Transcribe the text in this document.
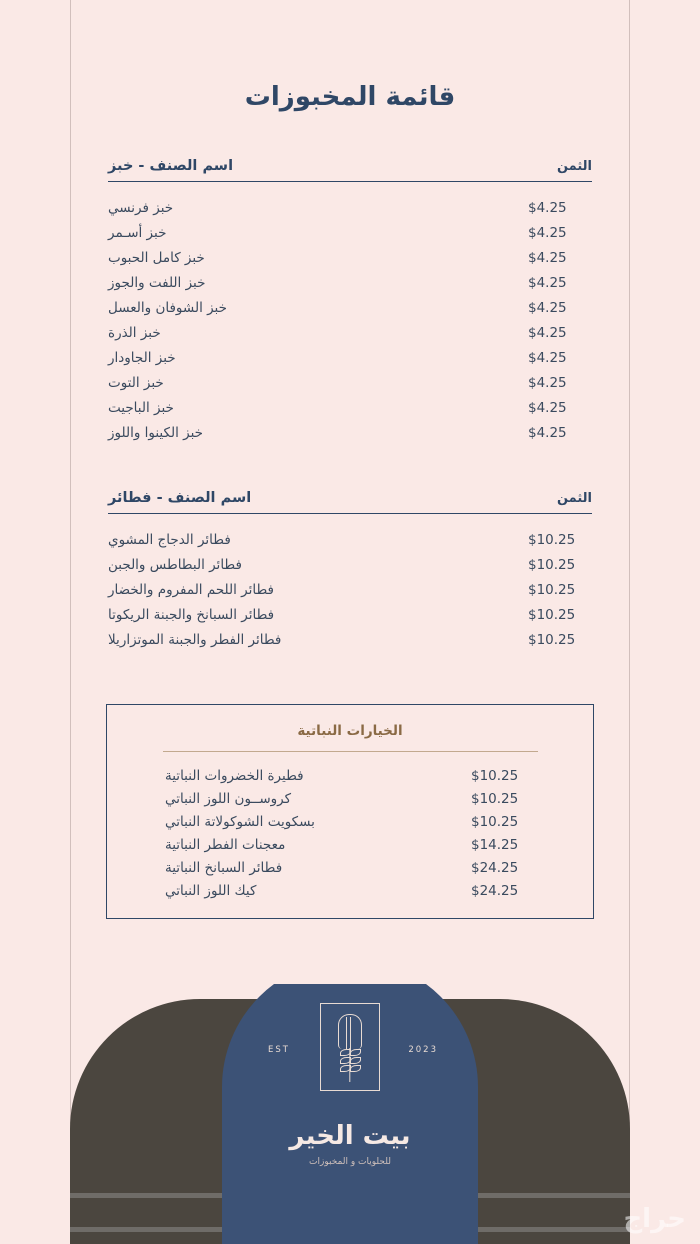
قائمة المخبوزات
اسم الصنف - خبز	الثمن
خبز فرنسي	$4.25
خبز أسـمر	$4.25
خبز كامل الحبوب	$4.25
خبز اللفت والجوز	$4.25
خبز الشوفان والعسل	$4.25
خبز الذرة	$4.25
خبز الجاودار	$4.25
خبز التوت	$4.25
خبز الباجيت	$4.25
خبز الكينوا واللوز	$4.25
اسم الصنف - فطائر	الثمن
فطائر الدجاج المشوي	$10.25
فطائر البطاطس والجبن	$10.25
فطائر اللحم المفروم والخضار	$10.25
فطائر السبانخ والجبنة الريكوتا	$10.25
فطائر الفطر والجبنة الموتزاريلا	$10.25
الخيارات النباتية
فطيرة الخضروات النباتية	$10.25
كروســون اللوز النباتي	$10.25
بسكويت الشوكولاتة النباتي	$10.25
معجنات الفطر النباتية	$14.25
فطائر السبانخ النباتية	$24.25
كيك اللوز النباتي	$24.25
EST	2023
بيت الخير
للحلويات و المخبوزات
حراج
